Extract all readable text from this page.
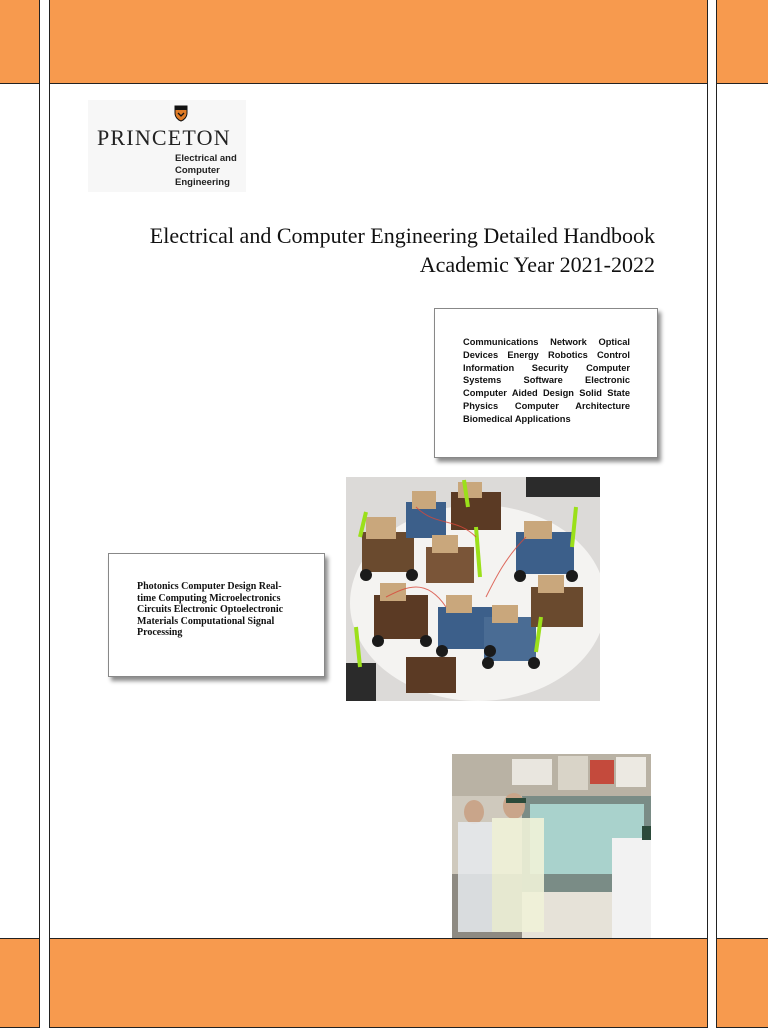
PRINCETON
Electrical and
Computer
Engineering
Electrical and Computer Engineering Detailed Handbook
Academic Year 2021-2022
Communications Network Optical Devices Energy Robotics Control Information Security Computer Systems Software Electronic Computer Aided Design Solid State Physics Computer Architecture Biomedical Applications
Photonics Computer Design Real-time Computing Microelectronics Circuits Electronic Optoelectronic Materials Computational Signal Processing
